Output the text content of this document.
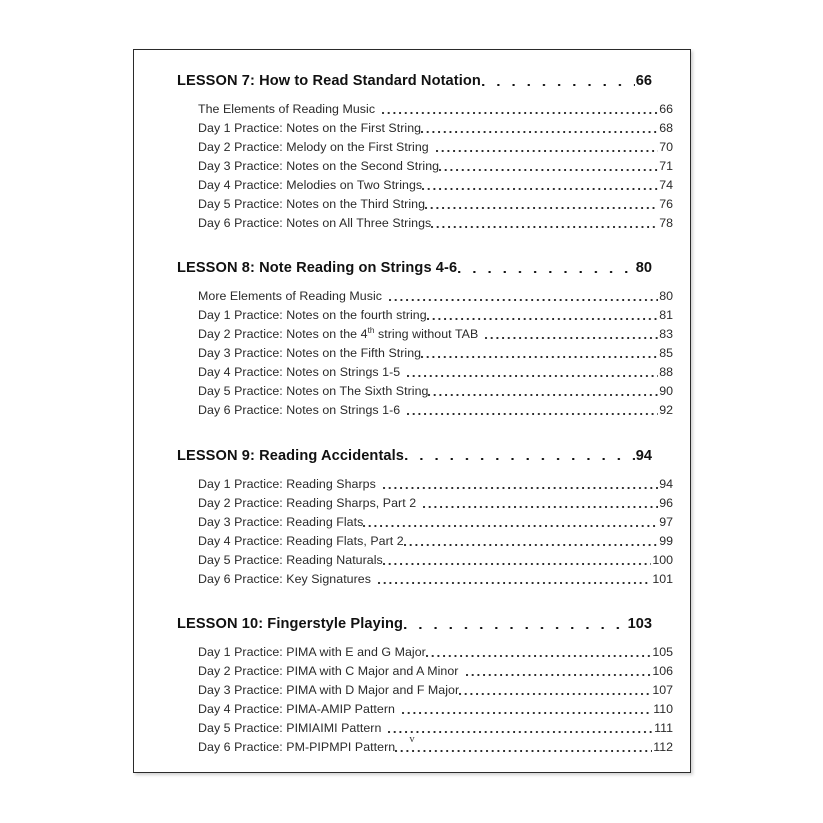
LESSON 7: How to Read Standard Notation	66
The Elements of Reading Music	66
Day 1 Practice: Notes on the First String	68
Day 2 Practice: Melody on the First String	70
Day 3 Practice: Notes on the Second String	71
Day 4 Practice: Melodies on Two Strings	74
Day 5 Practice: Notes on the Third String	76
Day 6 Practice: Notes on All Three Strings	78
LESSON 8: Note Reading on Strings 4-6	80
More Elements of Reading Music	80
Day 1 Practice: Notes on the fourth string	81
Day 2 Practice: Notes on the 4th string without TAB	83
Day 3 Practice: Notes on the Fifth String	85
Day 4 Practice: Notes on Strings 1-5	88
Day 5 Practice: Notes on The Sixth String	90
Day 6 Practice: Notes on Strings 1-6	92
LESSON 9: Reading Accidentals	94
Day 1 Practice: Reading Sharps	94
Day 2 Practice: Reading Sharps, Part 2	96
Day 3 Practice: Reading Flats	97
Day 4 Practice: Reading Flats, Part 2	99
Day 5 Practice: Reading Naturals	100
Day 6 Practice: Key Signatures	101
LESSON 10: Fingerstyle Playing	103
Day 1 Practice: PIMA with E and G Major	105
Day 2 Practice: PIMA with C Major and A Minor	106
Day 3 Practice: PIMA with D Major and F Major	107
Day 4 Practice: PIMA-AMIP Pattern	110
Day 5 Practice: PIMIAIMI Pattern	111
Day 6 Practice: PM-PIPMPI Pattern	112
v
